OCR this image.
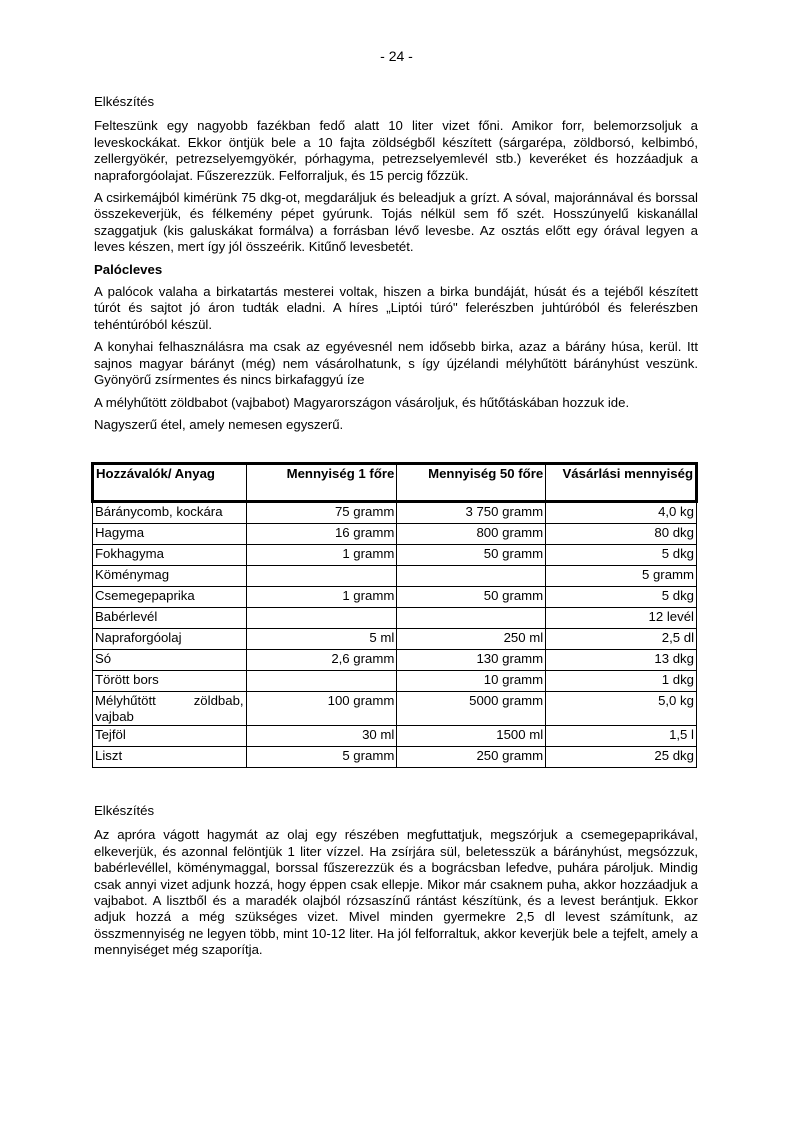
- 24 -

Elkészítés

Felteszünk egy nagyobb fazékban fedő alatt 10 liter vizet főni. Amikor forr, belemorzsoljuk a leveskockákat. Ekkor öntjük bele a 10 fajta zöldségből készített (sárgarépa, zöldborsó, kelbimbó, zellergyökér, petrezselyemgyökér, pórhagyma, petrezselyemlevél stb.) keveréket és hozzáadjuk a napraforgóolajat. Fűszerezzük. Felforraljuk, és 15 percig főzzük.

A csirkemájból kimérünk 75 dkg-ot, megdaráljuk és beleadjuk a grízt. A sóval, majoránnával és borssal összekeverjük, és félkemény pépet gyúrunk. Tojás nélkül sem fő szét. Hosszúnyelű kiskanállal szaggatjuk (kis galuskákat formálva) a forrásban lévő levesbe. Az osztás előtt egy órával legyen a leves készen, mert így jól összeérik. Kitűnő levesbetét.

Palócleves

A palócok valaha a birkatartás mesterei voltak, hiszen a birka bundáját, húsát és a tejéből készített túrót és sajtot jó áron tudták eladni. A híres „Liptói túró" felerészben juhtúróból és felerészben tehéntúróból készül.

A konyhai felhasználásra ma csak az egyévesnél nem idősebb birka, azaz a bárány húsa, kerül. Itt sajnos magyar bárányt (még) nem vásárolhatunk, s így újzélandi mélyhűtött bárányhúst veszünk. Gyönyörű zsírmentes és nincs birkafaggyú íze

A mélyhűtött zöldbabot (vajbabot) Magyarországon vásároljuk, és hűtőtáskában hozzuk ide.

Nagyszerű étel, amely nemesen egyszerű.

Hozzávalók/ Anyag	Mennyiség 1 főre	Mennyiség 50 főre	Vásárlási mennyiség
Báránycomb, kockára	75 gramm	3 750 gramm	4,0 kg
Hagyma	16 gramm	800 gramm	80 dkg
Fokhagyma	1 gramm	50 gramm	5 dkg
Köménymag			5 gramm
Csemegepaprika	1 gramm	50 gramm	5 dkg
Babérlevél			12 levél
Napraforgóolaj	5 ml	250 ml	2,5 dl
Só	2,6 gramm	130 gramm	13 dkg
Törött bors		10 gramm	1 dkg
Mélyhűtött zöldbab, vajbab	100 gramm	5000 gramm	5,0 kg
Tejföl	30 ml	1500 ml	1,5 l
Liszt	5 gramm	250 gramm	25 dkg

Elkészítés

Az apróra vágott hagymát az olaj egy részében megfuttatjuk, megszórjuk a csemegepaprikával, elkeverjük, és azonnal felöntjük 1 liter vízzel. Ha zsírjára sül, beletesszük a bárányhúst, megsózzuk, babérlevéllel, köménymaggal, borssal fűszerezzük és a bográcsban lefedve, puhára pároljuk. Mindig csak annyi vizet adjunk hozzá, hogy éppen csak ellepje. Mikor már csaknem puha, akkor hozzáadjuk a vajbabot. A lisztből és a maradék olajból rózsaszínű rántást készítünk, és a levest berántjuk. Ekkor adjuk hozzá a még szükséges vizet. Mivel minden gyermekre 2,5 dl levest számítunk, az összmennyiség ne legyen több, mint 10-12 liter. Ha jól felforraltuk, akkor keverjük bele a tejfelt, amely a mennyiséget még szaporítja.
